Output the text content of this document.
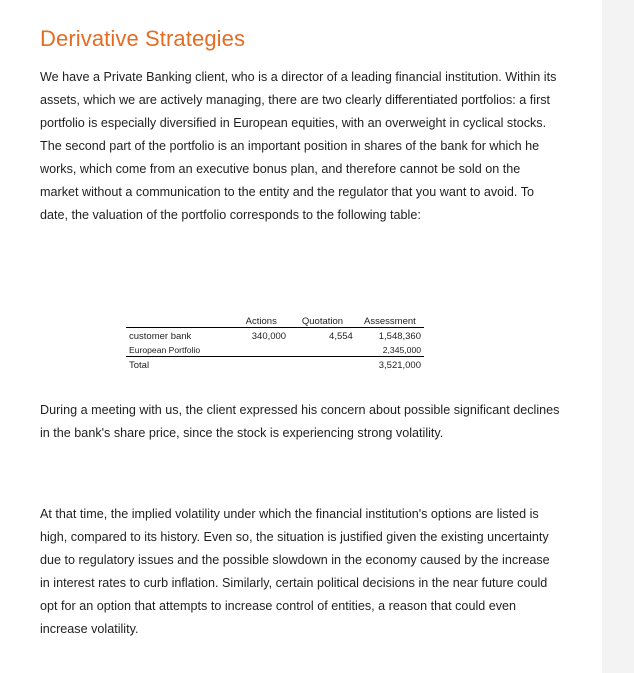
Derivative Strategies

We have a Private Banking client, who is a director of a leading financial institution. Within its assets, which we are actively managing, there are two clearly differentiated portfolios: a first portfolio is especially diversified in European equities, with an overweight in cyclical stocks. The second part of the portfolio is an important position in shares of the bank for which he works, which come from an executive bonus plan, and therefore cannot be sold on the market without a communication to the entity and the regulator that you want to avoid. To date, the valuation of the portfolio corresponds to the following table:

	Actions	Quotation	Assessment
customer bank	340,000	4,554	1,548,360
European Portfolio			2,345,000
Total			3,521,000

During a meeting with us, the client expressed his concern about possible significant declines in the bank's share price, since the stock is experiencing strong volatility.

At that time, the implied volatility under which the financial institution's options are listed is high, compared to its history. Even so, the situation is justified given the existing uncertainty due to regulatory issues and the possible slowdown in the economy caused by the increase in interest rates to curb inflation. Similarly, certain political decisions in the near future could opt for an option that attempts to increase control of entities, a reason that could even increase volatility.
